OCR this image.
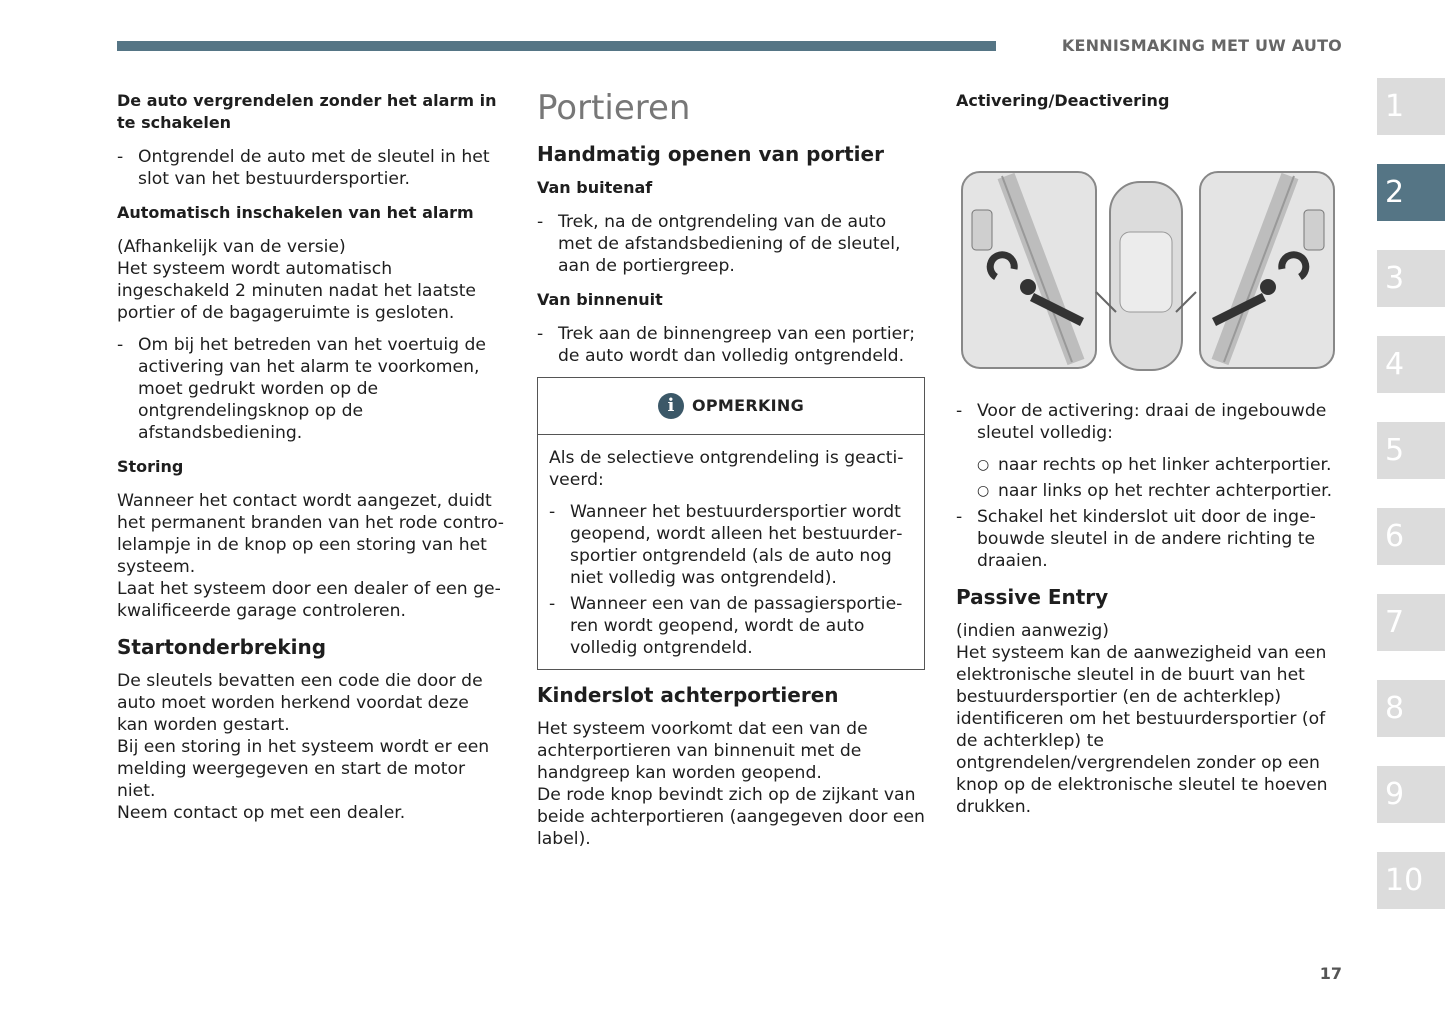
KENNISMAKING MET UW AUTO

De auto vergrendelen zonder het alarm in te schakelen

- Ontgrendel de auto met de sleutel in het slot van het bestuurdersportier.

Automatisch inschakelen van het alarm

(Afhankelijk van de versie)
Het systeem wordt automatisch ingeschakeld 2 minuten nadat het laatste portier of de bagageruimte is gesloten.

- Om bij het betreden van het voertuig de activering van het alarm te voorkomen, moet gedrukt worden op de ontgrendelingsknop op de afstandsbediening.

Storing

Wanneer het contact wordt aangezet, duidt het permanent branden van het rode controlelampje in de knop op een storing van het systeem.
Laat het systeem door een dealer of een gekwalificeerde garage controleren.

Startonderbreking

De sleutels bevatten een code die door de auto moet worden herkend voordat deze kan worden gestart.
Bij een storing in het systeem wordt er een melding weergegeven en start de motor niet.
Neem contact op met een dealer.

Portieren

Handmatig openen van portier

Van buitenaf

- Trek, na de ontgrendeling van de auto met de afstandsbediening of de sleutel, aan de portiergreep.

Van binnenuit

- Trek aan de binnengreep van een portier; de auto wordt dan volledig ontgrendeld.

i	OPMERKING

Als de selectieve ontgrendeling is geactiveerd:

- Wanneer het bestuurdersportier wordt geopend, wordt alleen het bestuurdersportier ontgrendeld (als de auto nog niet volledig was ontgrendeld).

- Wanneer een van de passagiersportieren wordt geopend, wordt de auto volledig ontgrendeld.

Kinderslot achterportieren

Het systeem voorkomt dat een van de achterportieren van binnenuit met de handgreep kan worden geopend.
De rode knop bevindt zich op de zijkant van beide achterportieren (aangegeven door een label).

Activering/Deactivering

- Voor de activering: draai de ingebouwde sleutel volledig:

○ naar rechts op het linker achterportier.

○ naar links op het rechter achterportier.

- Schakel het kinderslot uit door de ingebouwde sleutel in de andere richting te draaien.

Passive Entry

(indien aanwezig)
Het systeem kan de aanwezigheid van een elektronische sleutel in de buurt van het bestuurdersportier (en de achterklep) identificeren om het bestuurdersportier (of de achterklep) te ontgrendelen/vergrendelen zonder op een knop op de elektronische sleutel te hoeven drukken.

1
2
3
4
5
6
7
8
9
10
17
